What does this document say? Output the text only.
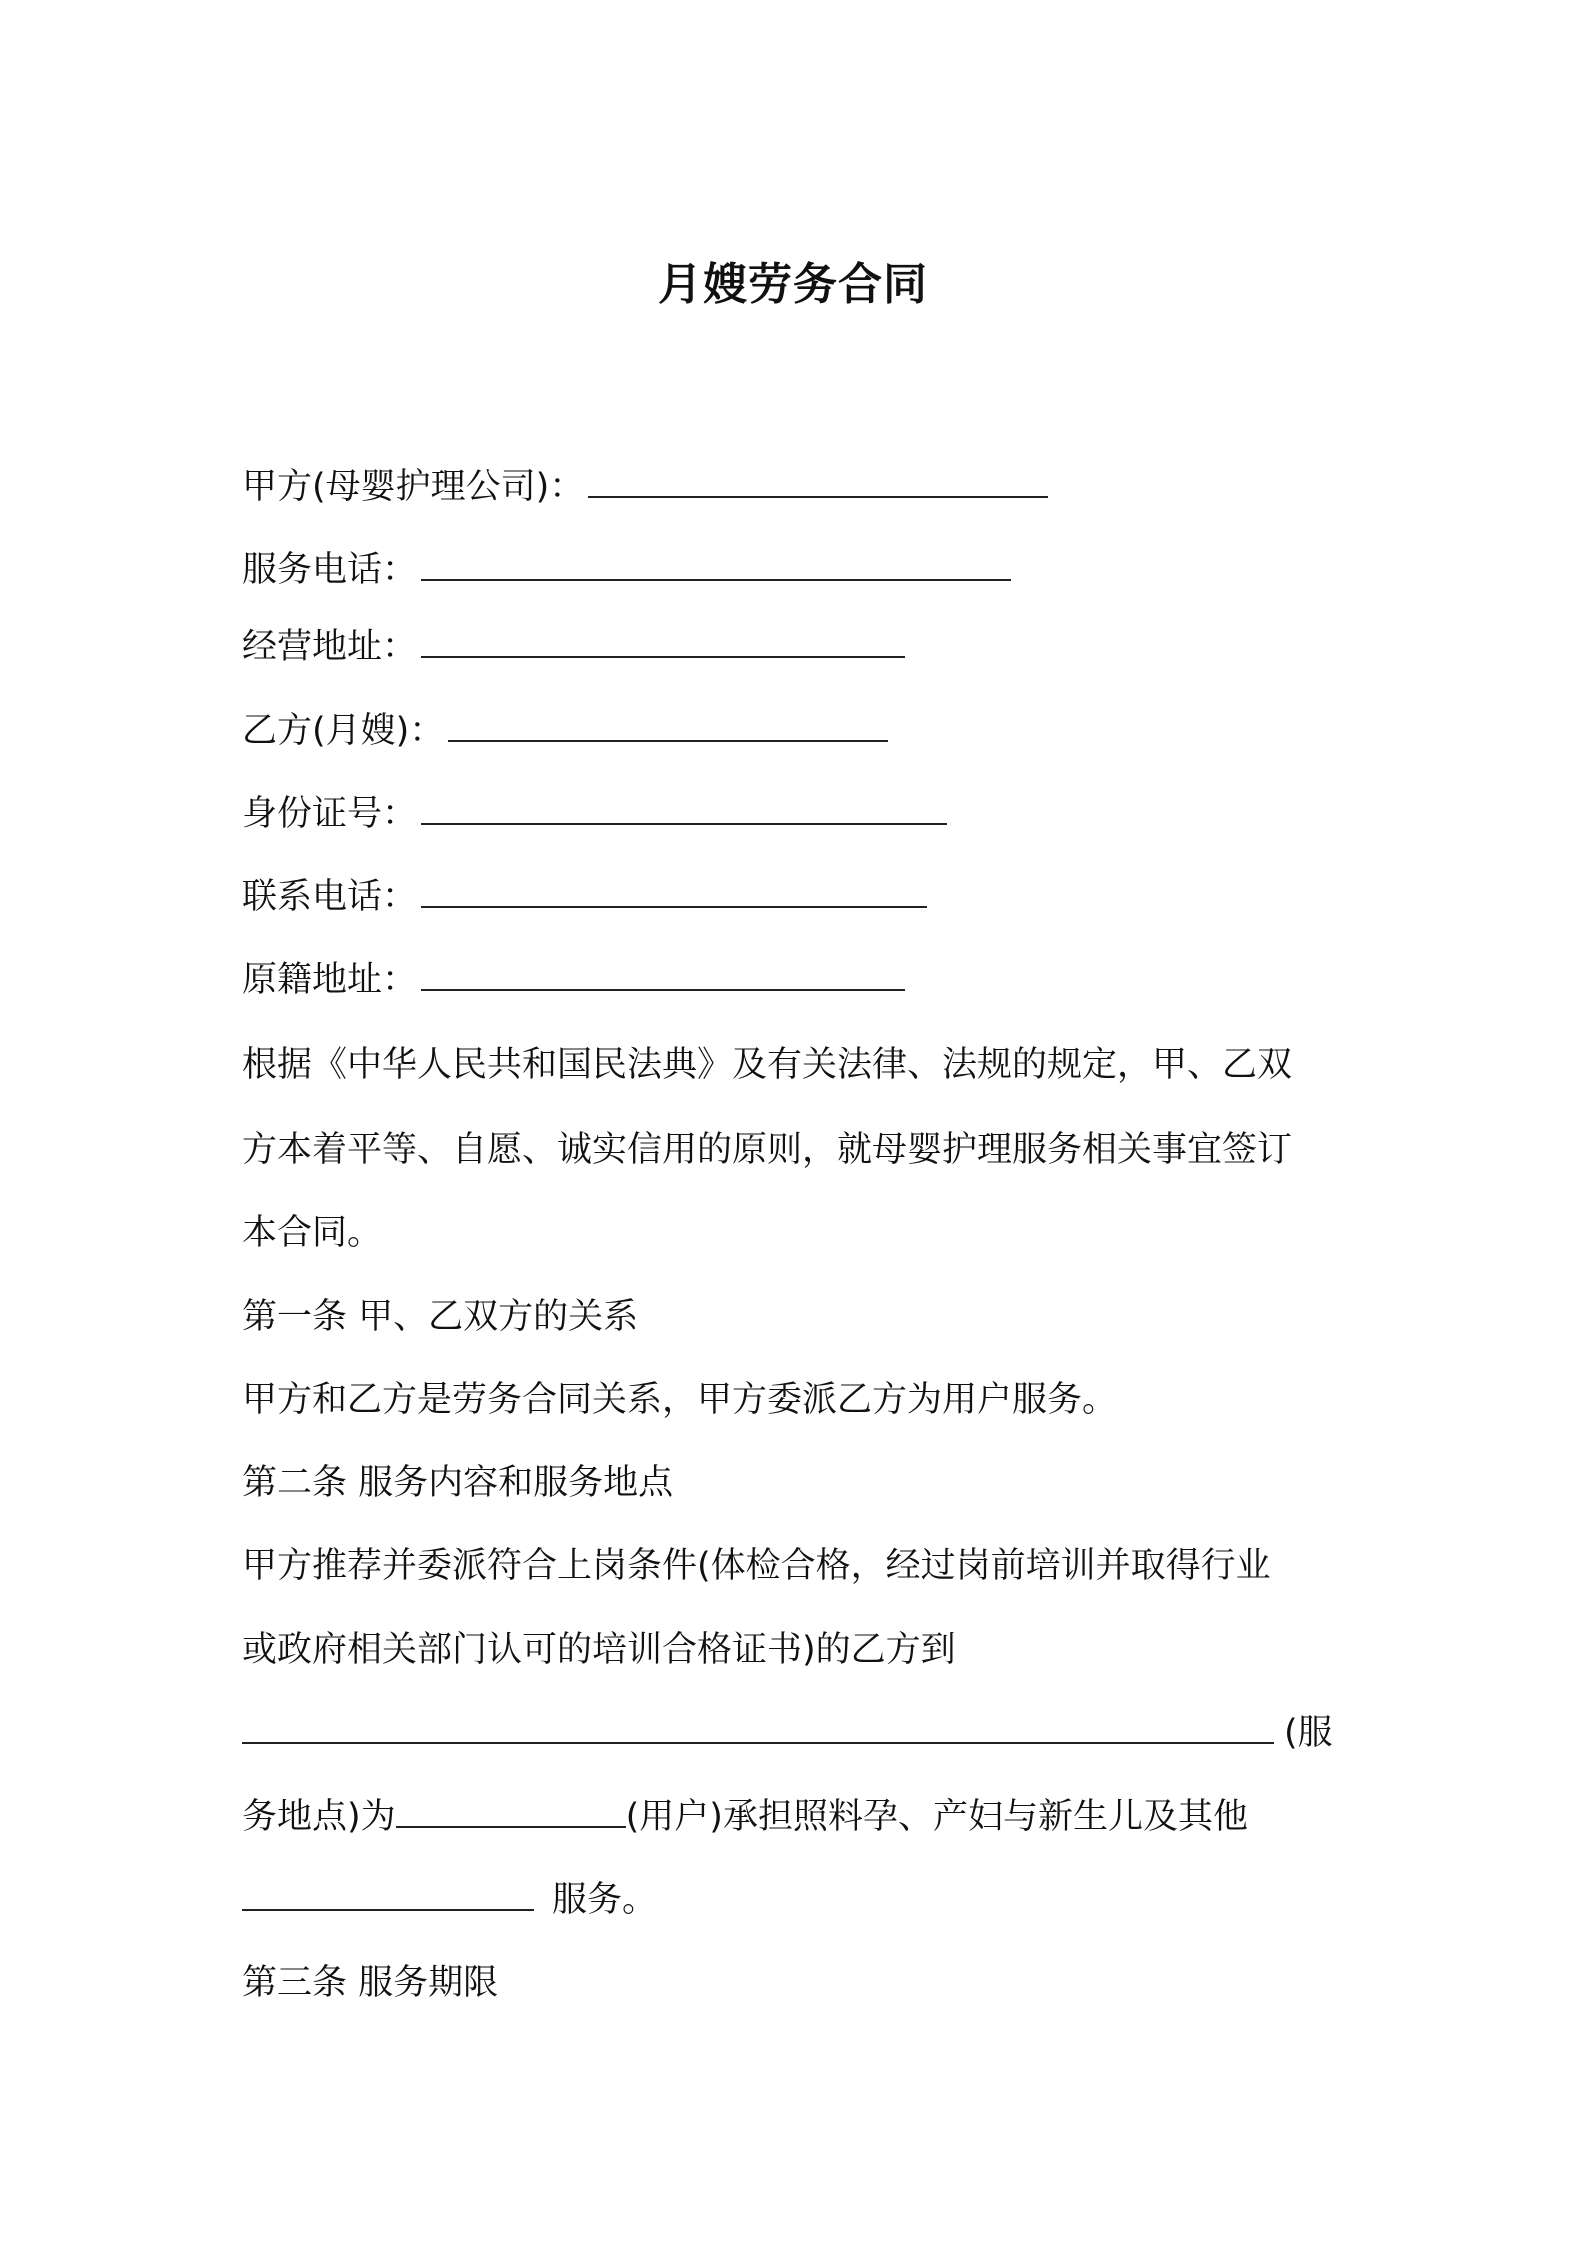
月嫂劳务合同
甲方(母婴护理公司)：
服务电话：
经营地址：
乙方(月嫂)：
身份证号：
联系电话：
原籍地址：
根据《中华人民共和国民法典》及有关法律、法规的规定，甲、乙双
方本着平等、自愿、诚实信用的原则，就母婴护理服务相关事宜签订
本合同。
第一条 甲、乙双方的关系
甲方和乙方是劳务合同关系，甲方委派乙方为用户服务。
第二条 服务内容和服务地点
甲方推荐并委派符合上岗条件(体检合格，经过岗前培训并取得行业
或政府相关部门认可的培训合格证书)的乙方到
(服
务地点)为	(用户)承担照料孕、产妇与新生儿及其他
服务。
第三条 服务期限
